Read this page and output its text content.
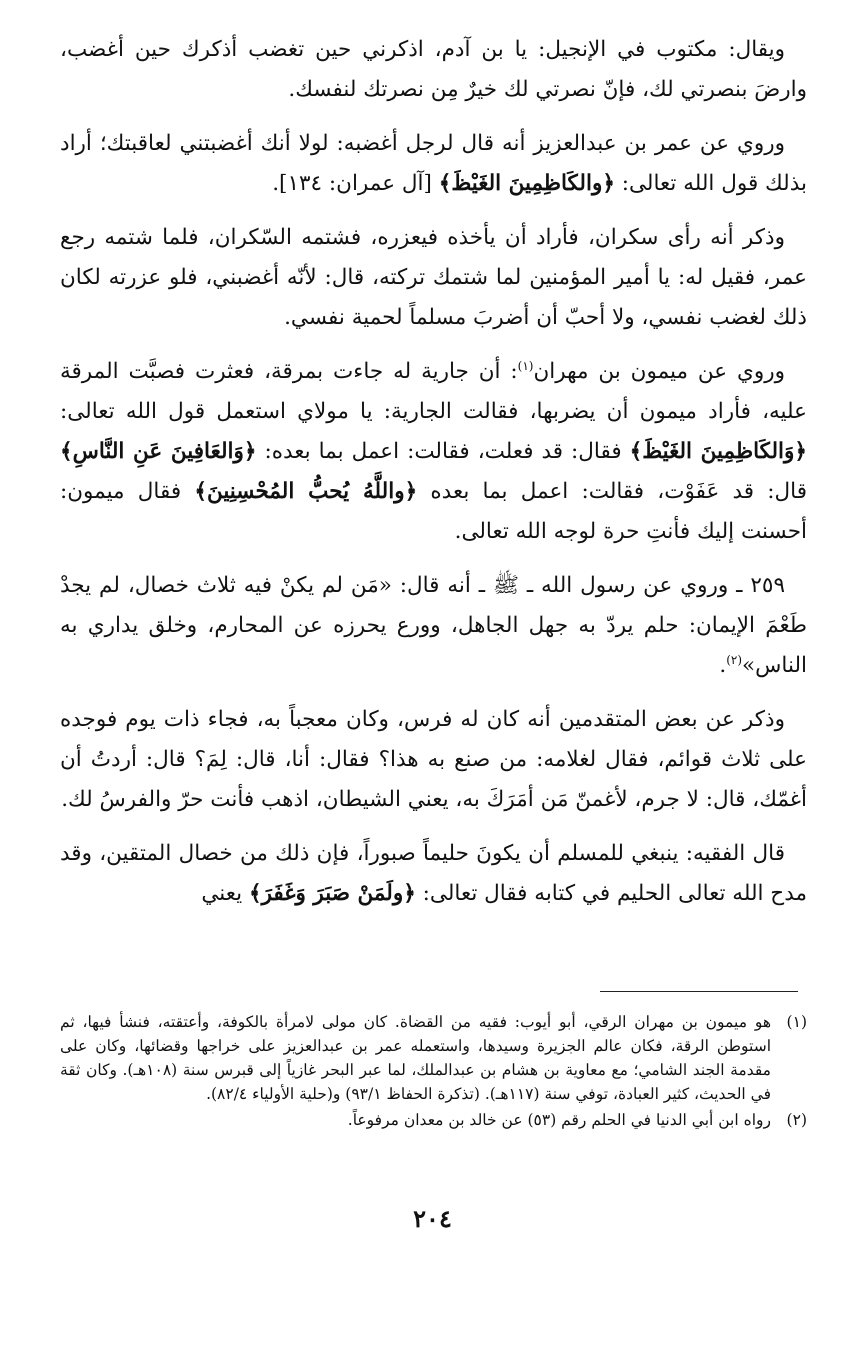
ويقال: مكتوب في الإنجيل: يا بن آدم، اذكرني حين تغضب أذكرك حين أغضب، وارضَ بنصرتي لك، فإنّ نصرتي لك خيرٌ مِن نصرتك لنفسك.

وروي عن عمر بن عبدالعزيز أنه قال لرجل أغضبه: لولا أنك أغضبتني لعاقبتك؛ أراد بذلك قول الله تعالى: ﴿والكَاظِمِينَ الغَيْظَ﴾ [آل عمران: ١٣٤].

وذكر أنه رأى سكران، فأراد أن يأخذه فيعزره، فشتمه السّكران، فلما شتمه رجع عمر، فقيل له: يا أمير المؤمنين لما شتمك تركته، قال: لأنّه أغضبني، فلو عزرته لكان ذلك لغضب نفسي، ولا أحبّ أن أضربَ مسلماً لحمية نفسي.

وروي عن ميمون بن مهران$^{(١)}$: أن جارية له جاءت بمرقة، فعثرت فصبَّت المرقة عليه، فأراد ميمون أن يضربها، فقالت الجارية: يا مولاي استعمل قول الله تعالى: ﴿وَالكَاظِمِينَ الغَيْظَ﴾ فقال: قد فعلت، فقالت: اعمل بما بعده: ﴿وَالعَافِينَ عَنِ النَّاسِ﴾ قال: قد عَفَوْت، فقالت: اعمل بما بعده ﴿واللَّهُ يُحبُّ المُحْسِنِينَ﴾ فقال ميمون: أحسنت إليك فأنتِ حرة لوجه الله تعالى.

٢٥٩ ـ وروي عن رسول الله ـ ﷺ ـ أنه قال: «مَن لم يكنْ فيه ثلاث خصال، لم يجدْ طَعْمَ الإيمان: حلم يردّ به جهل الجاهل، وورع يحرزه عن المحارم، وخلق يداري به الناس»$^{(٢)}$.

وذكر عن بعض المتقدمين أنه كان له فرس، وكان معجباً به، فجاء ذات يوم فوجده على ثلاث قوائم، فقال لغلامه: من صنع به هذا؟ فقال: أنا، قال: لِمَ؟ قال: أردتُ أن أغمّك، قال: لا جرم، لأغمنّ مَن أمَرَكَ به، يعني الشيطان، اذهب فأنت حرّ والفرسُ لك.

قال الفقيه: ينبغي للمسلم أن يكونَ حليماً صبوراً، فإن ذلك من خصال المتقين، وقد مدح الله تعالى الحليم في كتابه فقال تعالى: ﴿ولَمَنْ صَبَرَ وَغَفَرَ﴾ يعني

(١)
هو ميمون بن مهران الرقي، أبو أيوب: فقيه من القضاة. كان مولى لامرأة بالكوفة، وأعتقته، فنشأ فيها، ثم استوطن الرقة، فكان عالم الجزيرة وسيدها، واستعمله عمر بن عبدالعزيز على خراجها وقضائها، وكان على مقدمة الجند الشامي؛ مع معاوية بن هشام بن عبدالملك، لما عبر البحر غازياً إلى قبرس سنة (١٠٨هـ). وكان ثقة في الحديث، كثير العبادة، توفي سنة (١١٧هـ). (تذكرة الحفاظ ٩٣/١) و(حلية الأولياء ٨٢/٤).

(٢)
رواه ابن أبي الدنيا في الحلم رقم (٥٣) عن خالد بن معدان مرفوعاً.

٢٠٤
